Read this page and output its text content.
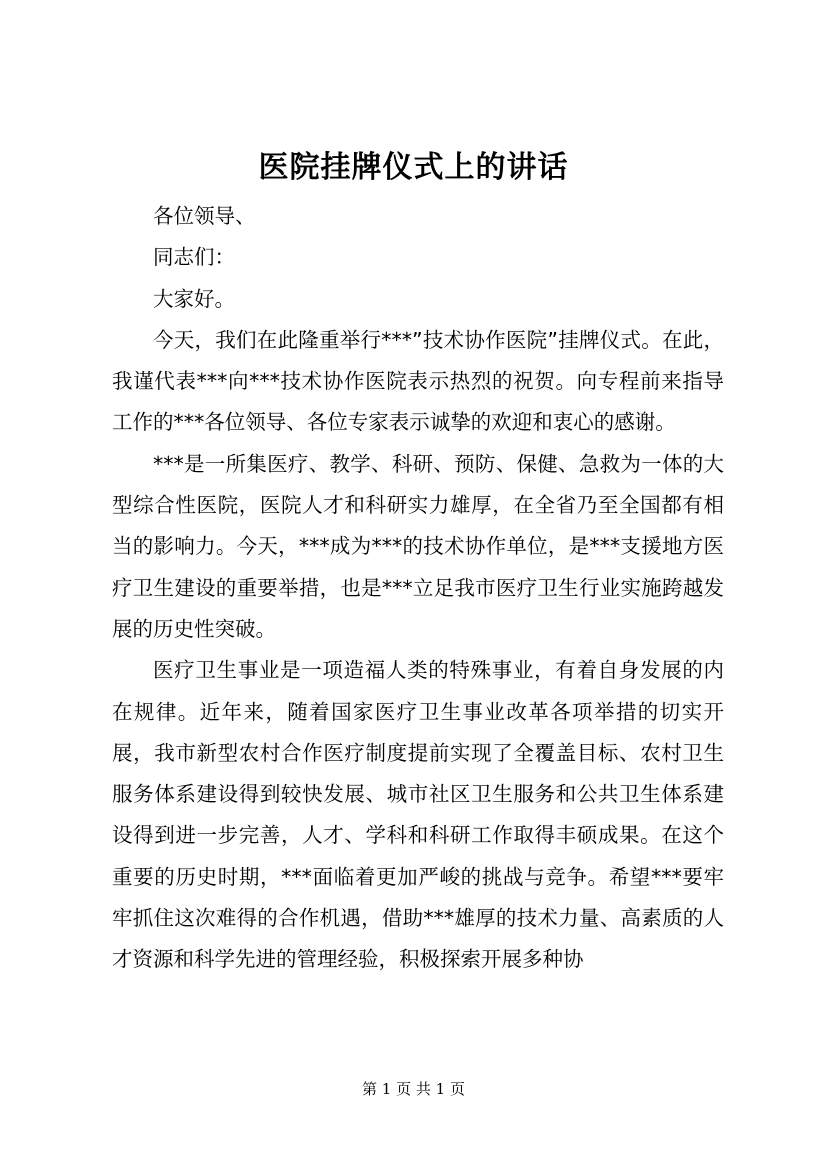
医院挂牌仪式上的讲话

各位领导、

同志们：

大家好。

今天，我们在此隆重举行***”技术协作医院”挂牌仪式。在此，我谨代表***向***技术协作医院表示热烈的祝贺。向专程前来指导工作的***各位领导、各位专家表示诚挚的欢迎和衷心的感谢。

***是一所集医疗、教学、科研、预防、保健、急救为一体的大型综合性医院，医院人才和科研实力雄厚，在全省乃至全国都有相当的影响力。今天，***成为***的技术协作单位，是***支援地方医疗卫生建设的重要举措，也是***立足我市医疗卫生行业实施跨越发展的历史性突破。

医疗卫生事业是一项造福人类的特殊事业，有着自身发展的内在规律。近年来，随着国家医疗卫生事业改革各项举措的切实开展，我市新型农村合作医疗制度提前实现了全覆盖目标、农村卫生服务体系建设得到较快发展、城市社区卫生服务和公共卫生体系建设得到进一步完善，人才、学科和科研工作取得丰硕成果。在这个重要的历史时期，***面临着更加严峻的挑战与竞争。希望***要牢牢抓住这次难得的合作机遇，借助***雄厚的技术力量、高素质的人才资源和科学先进的管理经验，积极探索开展多种协

第 1 页 共 1 页
